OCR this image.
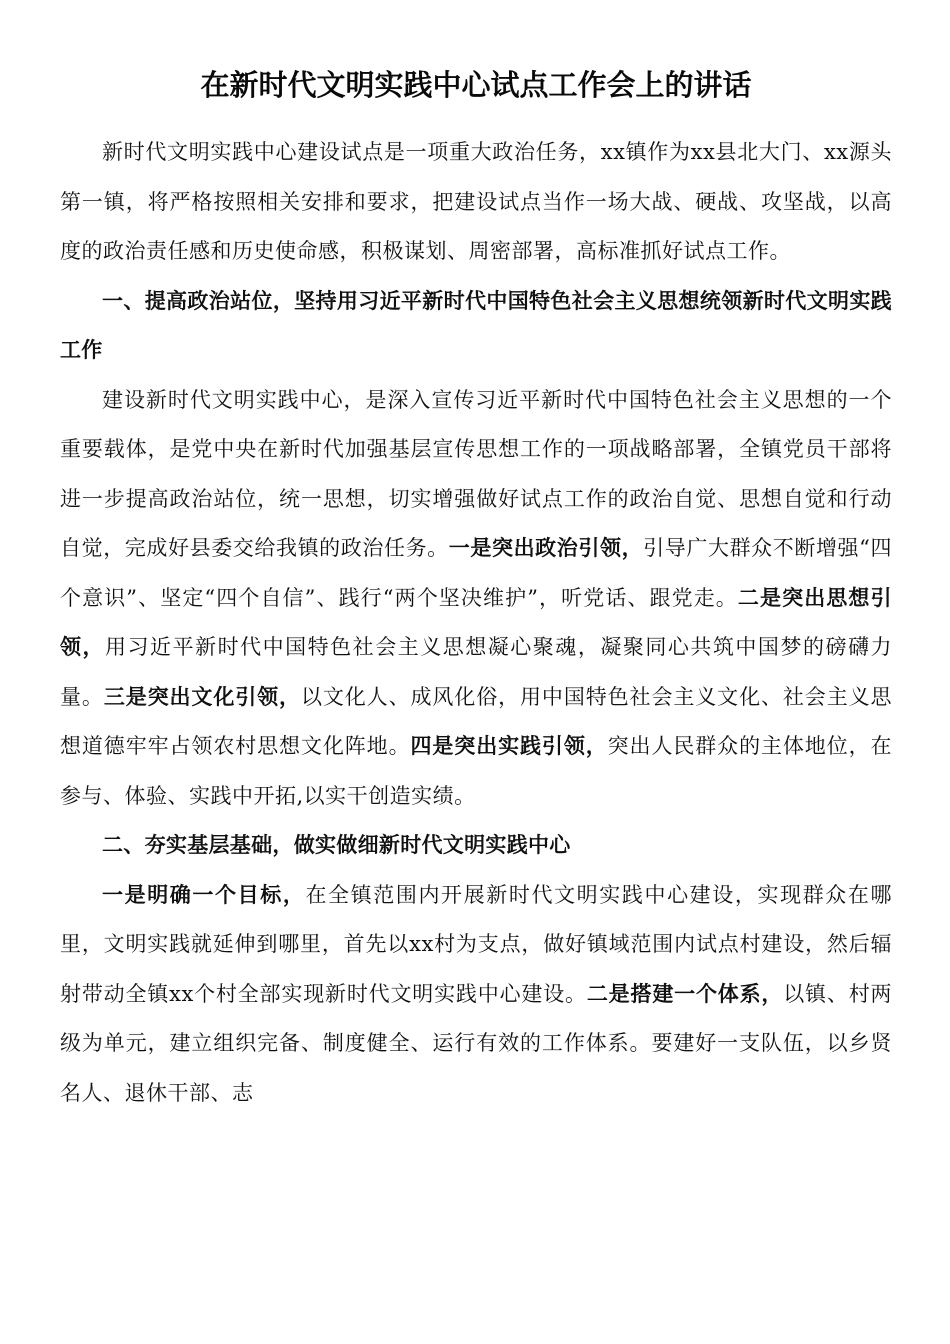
在新时代文明实践中心试点工作会上的讲话

新时代文明实践中心建设试点是一项重大政治任务，xx镇作为xx县北大门、xx源头第一镇，将严格按照相关安排和要求，把建设试点当作一场大战、硬战、攻坚战，以高度的政治责任感和历史使命感，积极谋划、周密部署，高标准抓好试点工作。

一、提高政治站位，坚持用习近平新时代中国特色社会主义思想统领新时代文明实践工作

建设新时代文明实践中心，是深入宣传习近平新时代中国特色社会主义思想的一个重要载体，是党中央在新时代加强基层宣传思想工作的一项战略部署，全镇党员干部将进一步提高政治站位，统一思想，切实增强做好试点工作的政治自觉、思想自觉和行动自觉，完成好县委交给我镇的政治任务。一是突出政治引领，引导广大群众不断增强“四个意识”、坚定“四个自信”、践行“两个坚决维护”，听党话、跟党走。二是突出思想引领，用习近平新时代中国特色社会主义思想凝心聚魂，凝聚同心共筑中国梦的磅礴力量。三是突出文化引领，以文化人、成风化俗，用中国特色社会主义文化、社会主义思想道德牢牢占领农村思想文化阵地。四是突出实践引领，突出人民群众的主体地位，在参与、体验、实践中开拓,以实干创造实绩。

二、夯实基层基础，做实做细新时代文明实践中心

一是明确一个目标，在全镇范围内开展新时代文明实践中心建设，实现群众在哪里，文明实践就延伸到哪里，首先以xx村为支点，做好镇域范围内试点村建设，然后辐射带动全镇xx个村全部实现新时代文明实践中心建设。二是搭建一个体系，以镇、村两级为单元，建立组织完备、制度健全、运行有效的工作体系。要建好一支队伍，以乡贤名人、退休干部、志
